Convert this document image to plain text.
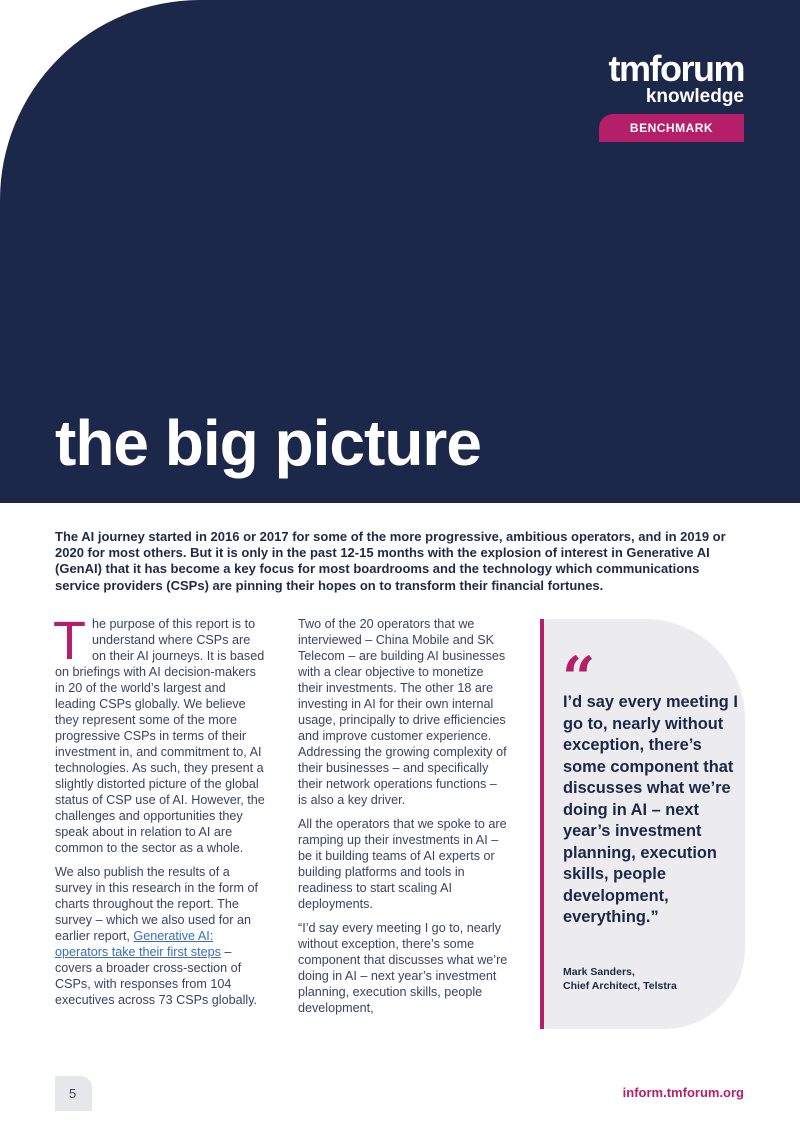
tmforum
knowledge
BENCHMARK
the big picture
The AI journey started in 2016 or 2017 for some of the more progressive, ambitious operators, and in 2019 or 2020 for most others. But it is only in the past 12-15 months with the explosion of interest in Generative AI (GenAI) that it has become a key focus for most boardrooms and the technology which communications service providers (CSPs) are pinning their hopes on to transform their financial fortunes.

The purpose of this report is to understand where CSPs are on their AI journeys. It is based on briefings with AI decision-makers in 20 of the world’s largest and leading CSPs globally. We believe they represent some of the more progressive CSPs in terms of their investment in, and commitment to, AI technologies. As such, they present a slightly distorted picture of the global status of CSP use of AI. However, the challenges and opportunities they speak about in relation to AI are common to the sector as a whole.

We also publish the results of a survey in this research in the form of charts throughout the report. The survey – which we also used for an earlier report, Generative AI: operators take their first steps – covers a broader cross-section of CSPs, with responses from 104 executives across 73 CSPs globally.

Two of the 20 operators that we interviewed – China Mobile and SK Telecom – are building AI businesses with a clear objective to monetize their investments. The other 18 are investing in AI for their own internal usage, principally to drive efficiencies and improve customer experience. Addressing the growing complexity of their businesses – and specifically their network operations functions – is also a key driver.

All the operators that we spoke to are ramping up their investments in AI – be it building teams of AI experts or building platforms and tools in readiness to start scaling AI deployments.

“I’d say every meeting I go to, nearly without exception, there’s some component that discusses what we’re doing in AI – next year’s investment planning, execution skills, people development,

“
I’d say every meeting I go to, nearly without exception, there’s some component that discusses what we’re doing in AI – next year’s investment planning, execution skills, people development, everything.”
Mark Sanders,
Chief Architect, Telstra
5	inform.tmforum.org
